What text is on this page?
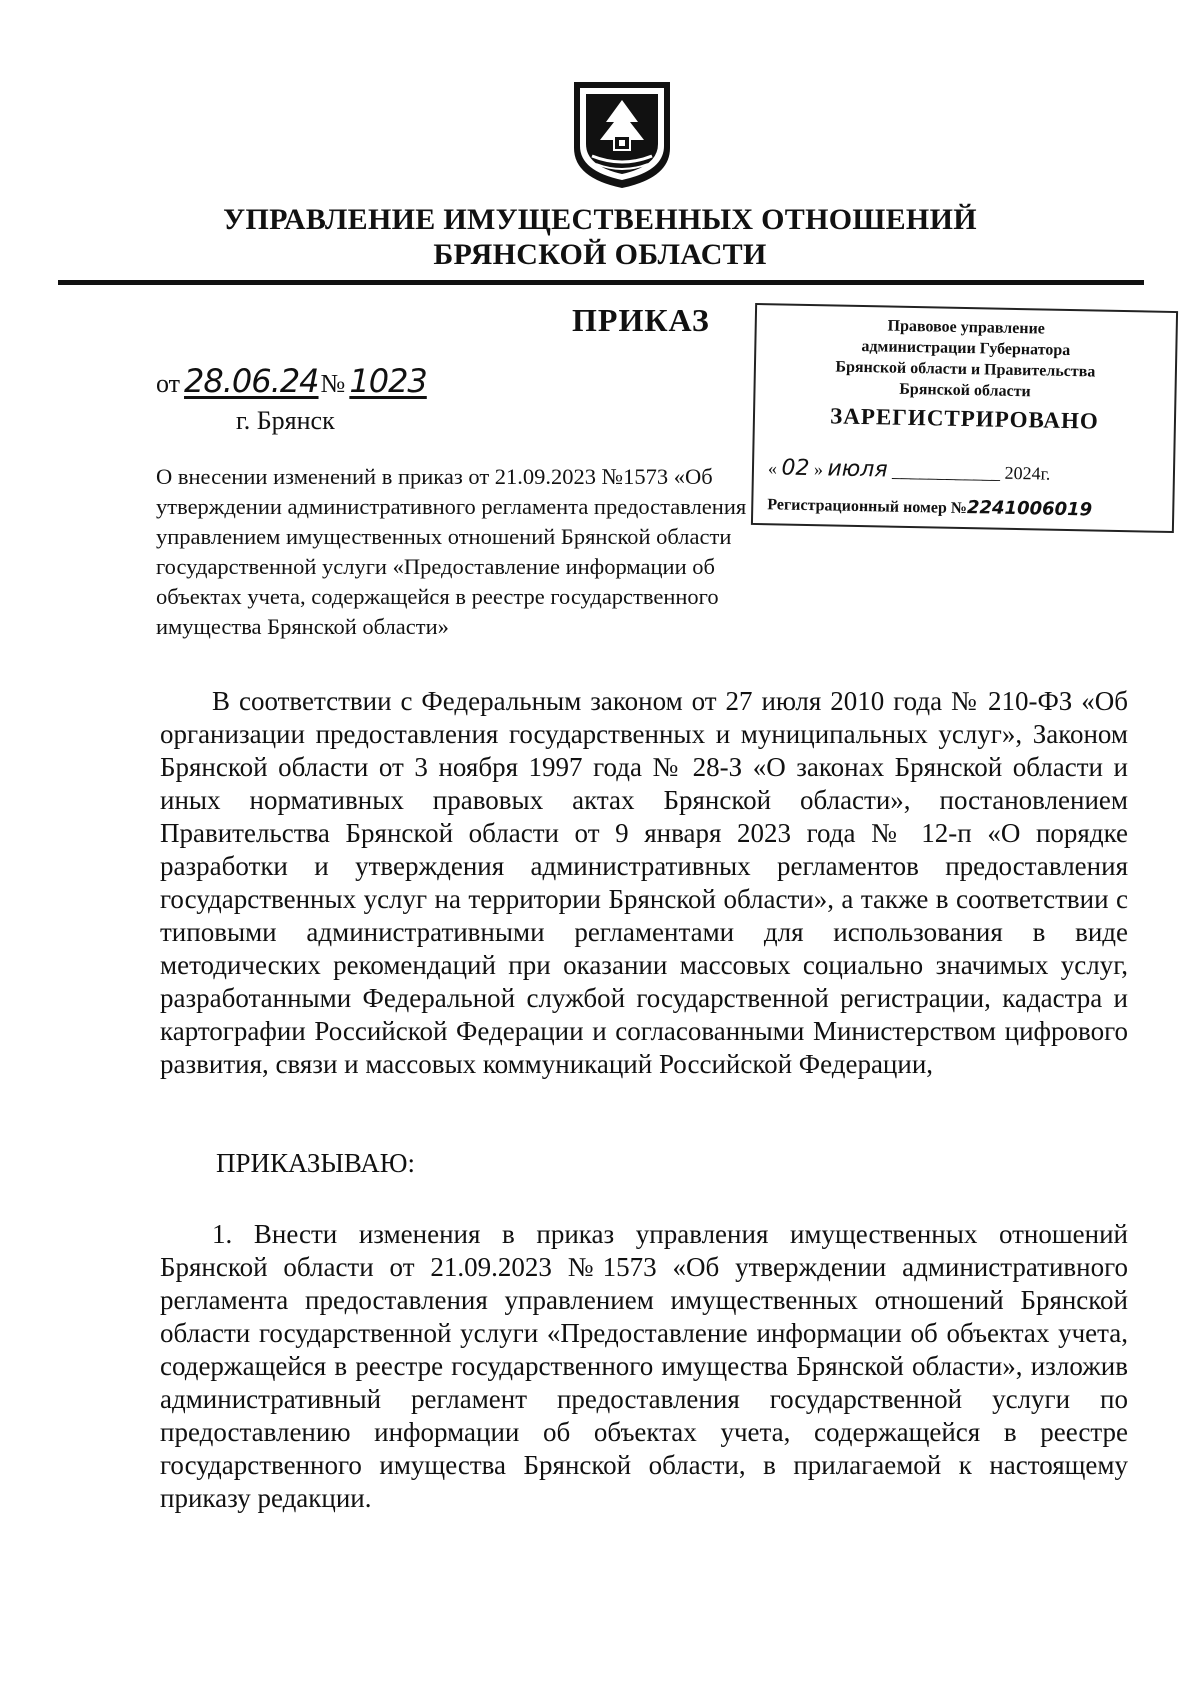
УПРАВЛЕНИЕ ИМУЩЕСТВЕННЫХ ОТНОШЕНИЙ
БРЯНСКОЙ ОБЛАСТИ
ПРИКАЗ
от 28.06.24№ 1023
г. Брянск
О внесении изменений в приказ от 21.09.2023 №1573 «Об утверждении административного регламента предоставления управлением имущественных отношений Брянской области государственной услуги «Предоставление информации об объектах учета, содержащейся в реестре государственного имущества Брянской области»
Правовое управление
администрации Губернатора
Брянской области и Правительства
Брянской области
ЗАРЕГИСТРИРОВАНО
« 02 » июля ____________ 2024г.
Регистрационный номер №2241006019

В соответствии с Федеральным законом от 27 июля 2010 года № 210-ФЗ «Об организации предоставления государственных и муниципальных услуг», Законом Брянской области от 3 ноября 1997 года № 28-З «О законах Брянской области и иных нормативных правовых актах Брянской области», постановлением Правительства Брянской области от 9 января 2023 года № 12-п «О порядке разработки и утверждения административных регламентов предоставления государственных услуг на территории Брянской области», а также в соответствии с типовыми административными регламентами для использования в виде методических рекомендаций при оказании массовых социально значимых услуг, разработанными Федеральной службой государственной регистрации, кадастра и картографии Российской Федерации и согласованными Министерством цифрового развития, связи и массовых коммуникаций Российской Федерации,

ПРИКАЗЫВАЮ:

1. Внести изменения в приказ управления имущественных отношений Брянской области от 21.09.2023 №1573 «Об утверждении административного регламента предоставления управлением имущественных отношений Брянской области государственной услуги «Предоставление информации об объектах учета, содержащейся в реестре государственного имущества Брянской области», изложив административный регламент предоставления государственной услуги по предоставлению информации об объектах учета, содержащейся в реестре государственного имущества Брянской области, в прилагаемой к настоящему приказу редакции.
